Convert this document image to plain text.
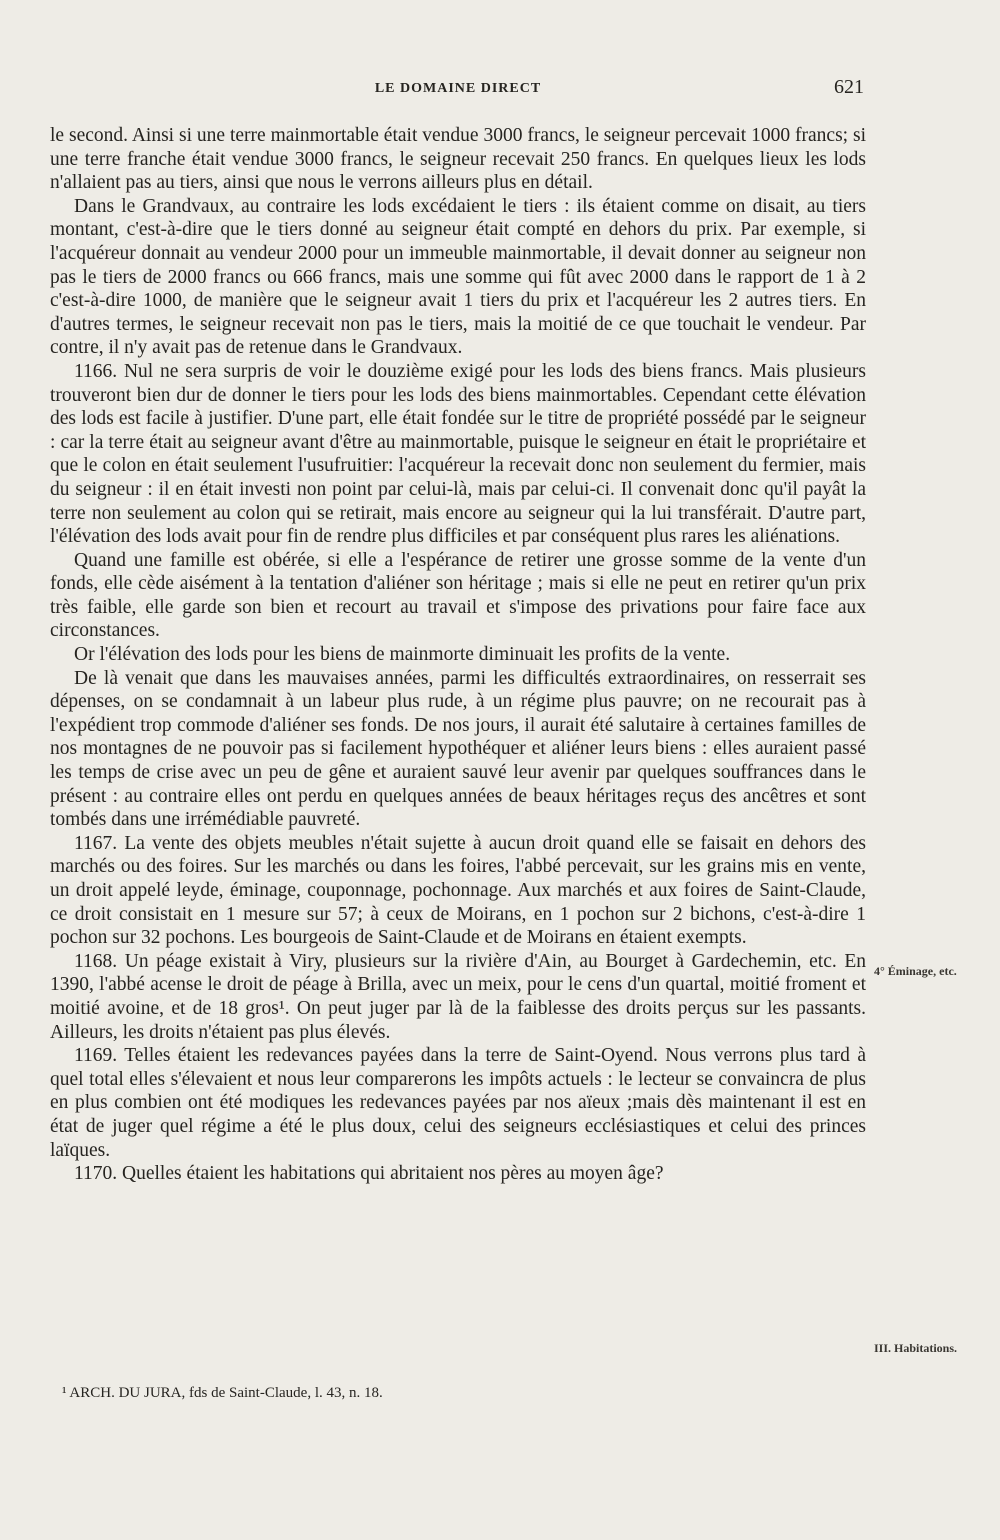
LE DOMAINE DIRECT	621

le second. Ainsi si une terre mainmortable était vendue 3000 francs, le seigneur percevait 1000 francs; si une terre franche était vendue 3000 francs, le seigneur recevait 250 francs. En quelques lieux les lods n'allaient pas au tiers, ainsi que nous le verrons ailleurs plus en détail.

Dans le Grandvaux, au contraire les lods excédaient le tiers : ils étaient comme on disait, au tiers montant, c'est-à-dire que le tiers donné au seigneur était compté en dehors du prix. Par exemple, si l'acquéreur donnait au vendeur 2000 pour un immeuble mainmortable, il devait donner au seigneur non pas le tiers de 2000 francs ou 666 francs, mais une somme qui fût avec 2000 dans le rapport de 1 à 2 c'est-à-dire 1000, de manière que le seigneur avait 1 tiers du prix et l'acquéreur les 2 autres tiers. En d'autres termes, le seigneur recevait non pas le tiers, mais la moitié de ce que touchait le vendeur. Par contre, il n'y avait pas de retenue dans le Grandvaux.

1166. Nul ne sera surpris de voir le douzième exigé pour les lods des biens francs. Mais plusieurs trouveront bien dur de donner le tiers pour les lods des biens mainmortables. Cependant cette élévation des lods est facile à justifier. D'une part, elle était fondée sur le titre de propriété possédé par le seigneur : car la terre était au seigneur avant d'être au mainmortable, puisque le seigneur en était le propriétaire et que le colon en était seulement l'usufruitier: l'acquéreur la recevait donc non seulement du fermier, mais du seigneur : il en était investi non point par celui-là, mais par celui-ci. Il convenait donc qu'il payât la terre non seulement au colon qui se retirait, mais encore au seigneur qui la lui transférait. D'autre part, l'élévation des lods avait pour fin de rendre plus difficiles et par conséquent plus rares les aliénations.

Quand une famille est obérée, si elle a l'espérance de retirer une grosse somme de la vente d'un fonds, elle cède aisément à la tentation d'aliéner son héritage ; mais si elle ne peut en retirer qu'un prix très faible, elle garde son bien et recourt au travail et s'impose des privations pour faire face aux circonstances.

Or l'élévation des lods pour les biens de mainmorte diminuait les profits de la vente.

De là venait que dans les mauvaises années, parmi les difficultés extraordinaires, on resserrait ses dépenses, on se condamnait à un labeur plus rude, à un régime plus pauvre; on ne recourait pas à l'expédient trop commode d'aliéner ses fonds. De nos jours, il aurait été salutaire à certaines familles de nos montagnes de ne pouvoir pas si facilement hypothéquer et aliéner leurs biens : elles auraient passé les temps de crise avec un peu de gêne et auraient sauvé leur avenir par quelques souffrances dans le présent : au contraire elles ont perdu en quelques années de beaux héritages reçus des ancêtres et sont tombés dans une irrémédiable pauvreté.

1167. La vente des objets meubles n'était sujette à aucun droit quand elle se faisait en dehors des marchés ou des foires. Sur les marchés ou dans les foires, l'abbé percevait, sur les grains mis en vente, un droit appelé leyde, éminage, couponnage, pochonnage. Aux marchés et aux foires de Saint-Claude, ce droit consistait en 1 mesure sur 57; à ceux de Moirans, en 1 pochon sur 2 bichons, c'est-à-dire 1 pochon sur 32 pochons. Les bourgeois de Saint-Claude et de Moirans en étaient exempts.

1168. Un péage existait à Viry, plusieurs sur la rivière d'Ain, au Bourget à Gardechemin, etc. En 1390, l'abbé acense le droit de péage à Brilla, avec un meix, pour le cens d'un quartal, moitié froment et moitié avoine, et de 18 gros¹. On peut juger par là de la faiblesse des droits perçus sur les passants. Ailleurs, les droits n'étaient pas plus élevés.

1169. Telles étaient les redevances payées dans la terre de Saint-Oyend. Nous verrons plus tard à quel total elles s'élevaient et nous leur comparerons les impôts actuels : le lecteur se convaincra de plus en plus combien ont été modiques les redevances payées par nos aïeux ;mais dès maintenant il est en état de juger quel régime a été le plus doux, celui des seigneurs ecclésiastiques et celui des princes laïques.

1170. Quelles étaient les habitations qui abritaient nos pères au moyen âge?

4° Éminage, etc.
III. Habitations.
¹ ARCH. DU JURA, fds de Saint-Claude, l. 43, n. 18.
